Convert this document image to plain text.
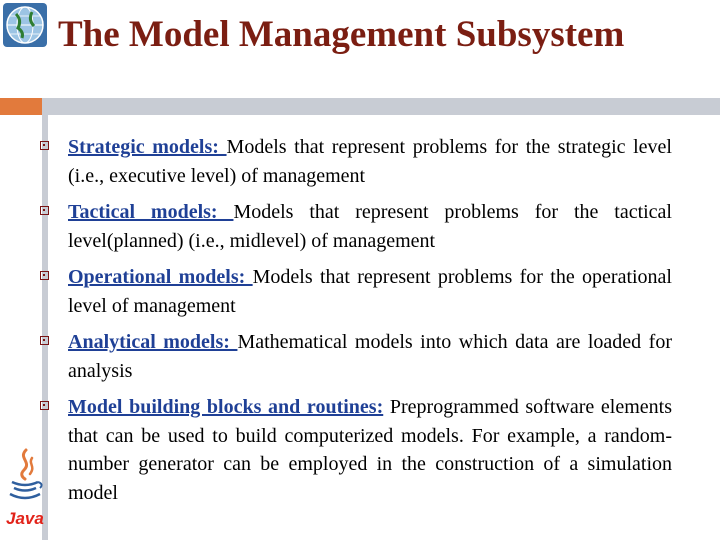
The Model Management Subsystem
Strategic models: Models that represent problems for the strategic level (i.e., executive level) of management
Tactical models: Models that represent problems for the tactical level(planned) (i.e., midlevel) of management
Operational models: Models that represent problems for the operational level of management
Analytical models: Mathematical models into which data are loaded for analysis
Model building blocks and routines: Preprogrammed software elements that can be used to build computerized models. For example, a random-number generator can be employed in the construction of a simulation model
Java
